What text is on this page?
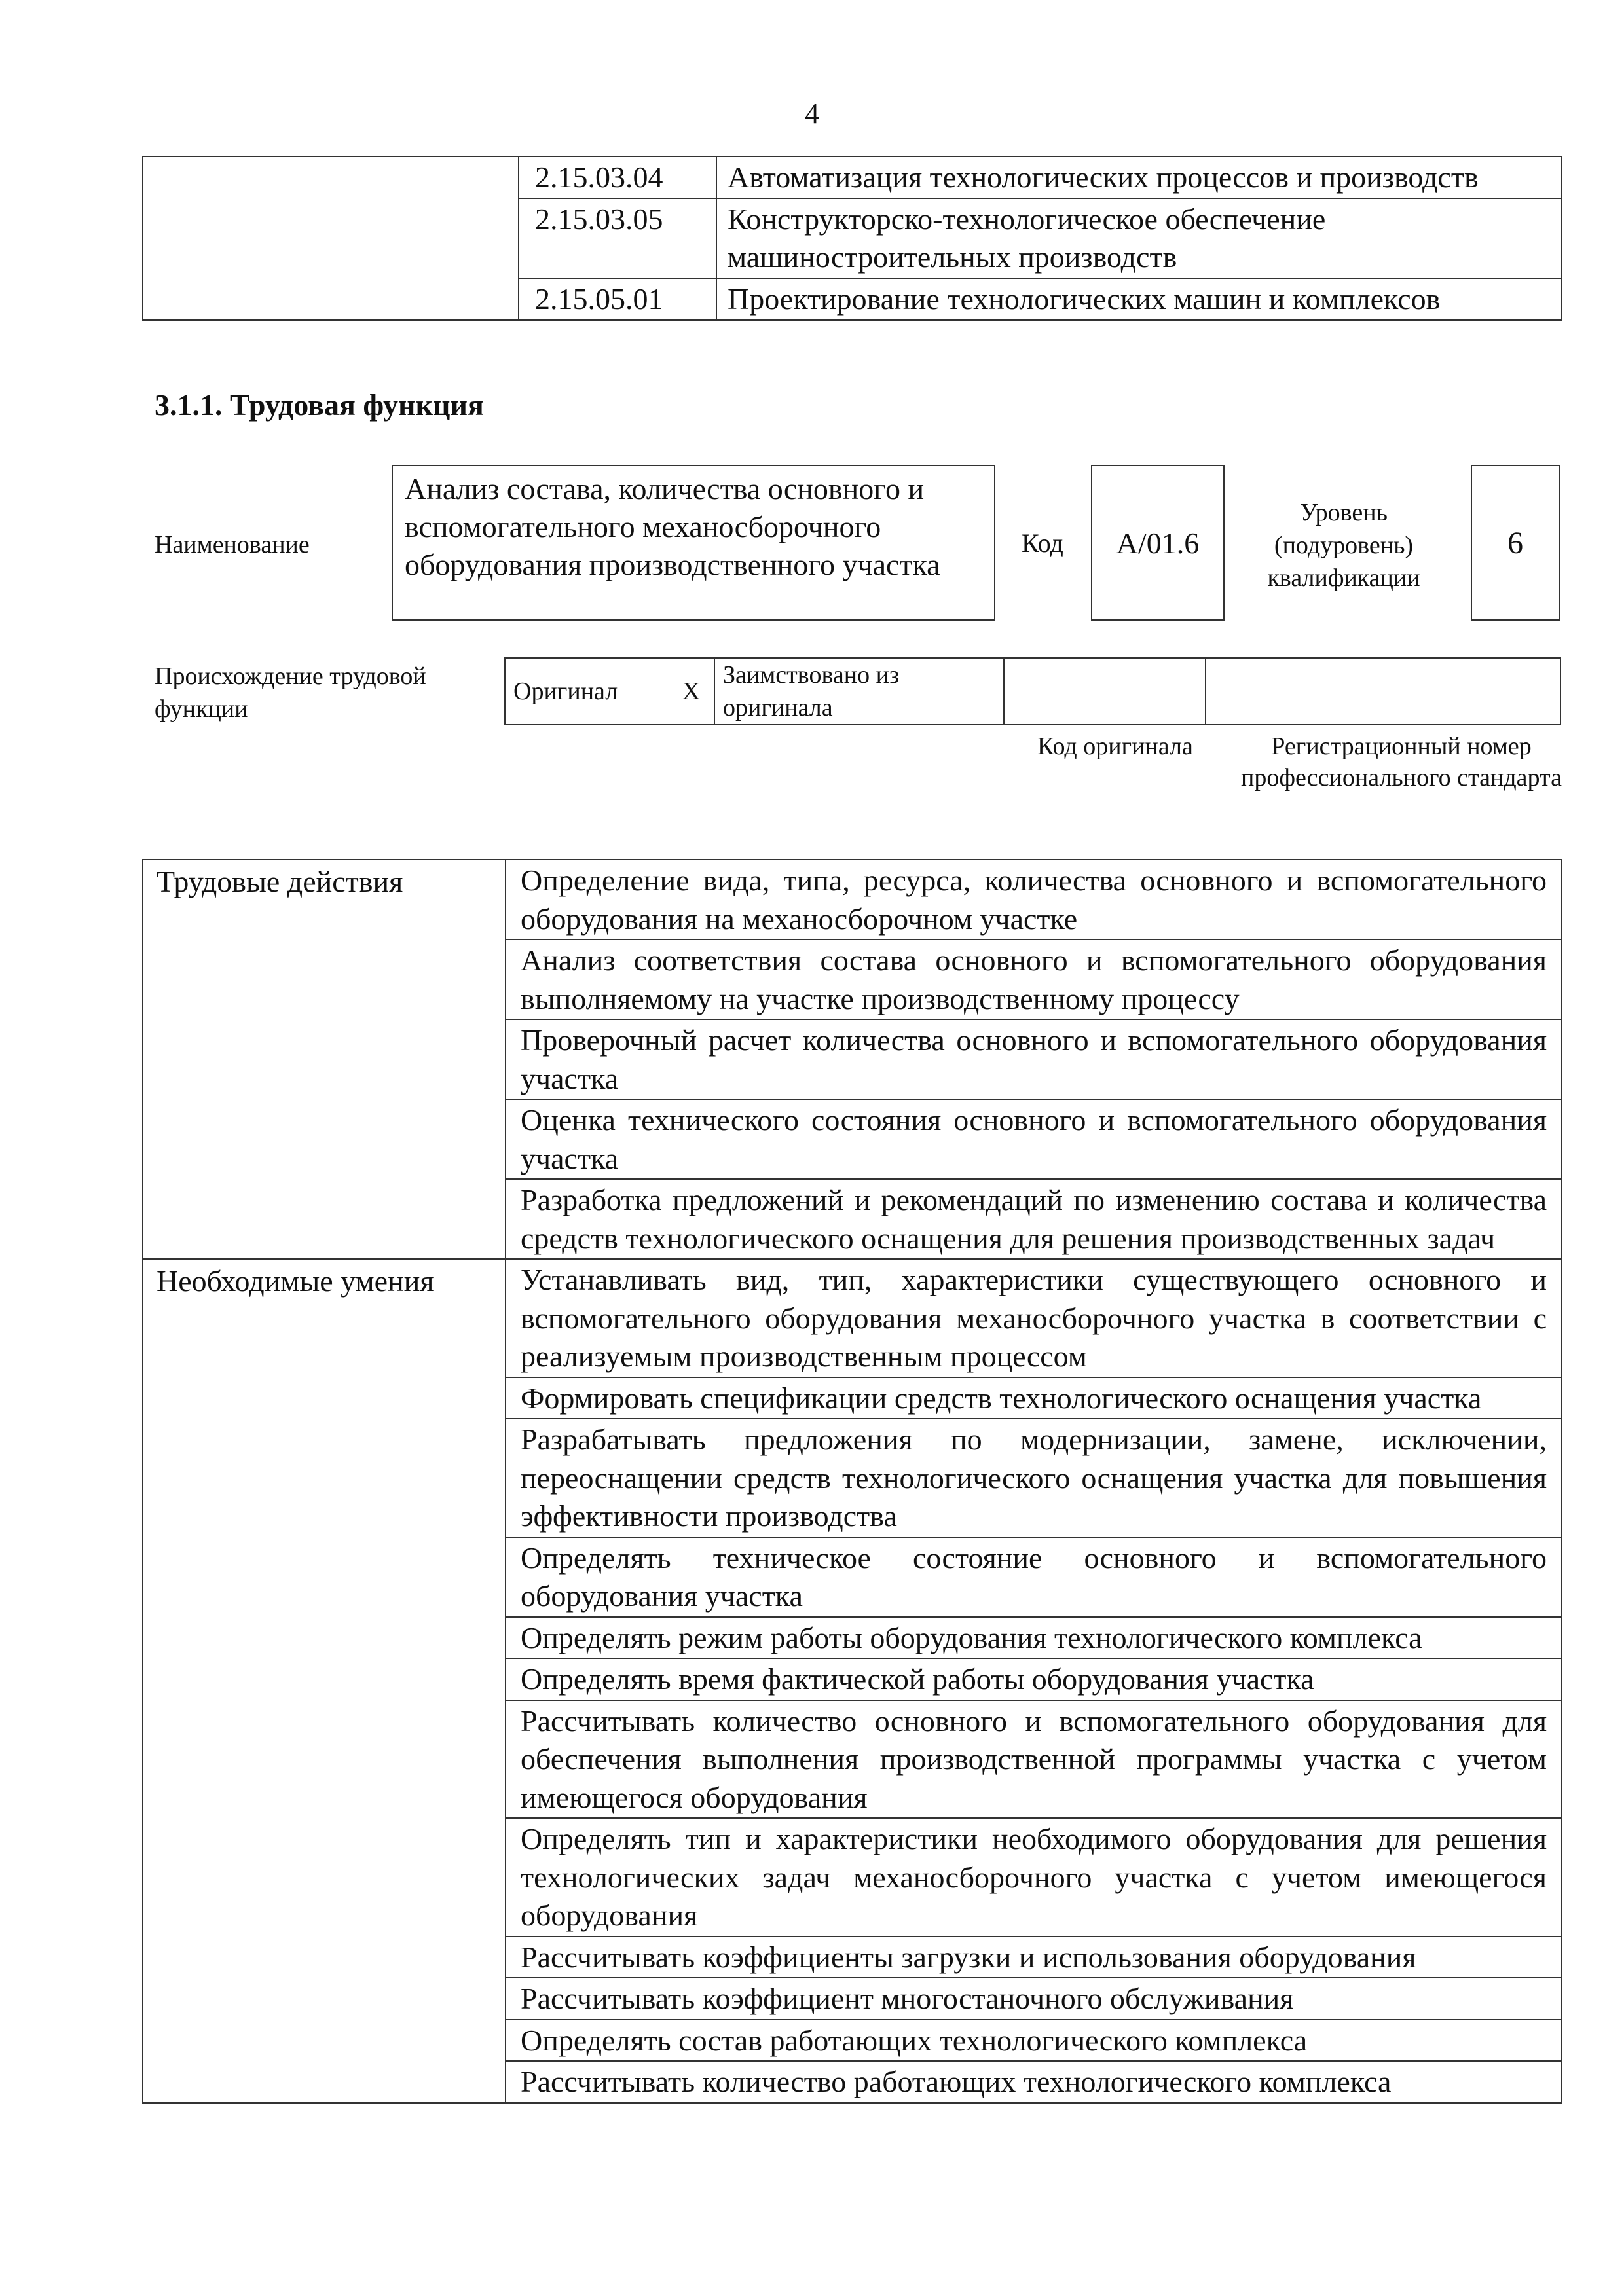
4
	2.15.03.04	Автоматизация технологических процессов и производств
	2.15.03.05	Конструкторско-технологическое обеспечение машиностроительных производств
	2.15.05.01	Проектирование технологических машин и комплексов
3.1.1. Трудовая функция
Наименование
Анализ состава, количества основного и вспомогательного механосборочного оборудования производственного участка
Код	А/01.6
Уровень (подуровень) квалификации
6
Происхождение трудовой функции
Оригинал	Х	Заимствовано из оригинала		
Код оригинала	Регистрационный номер профессионального стандарта
Трудовые действия	Определение вида, типа, ресурса, количества основного и вспомогательного оборудования на механосборочном участке
	Анализ соответствия состава основного и вспомогательного оборудования выполняемому на участке производственному процессу
	Проверочный расчет количества основного и вспомогательного оборудования участка
	Оценка технического состояния основного и вспомогательного оборудования участка
	Разработка предложений и рекомендаций по изменению состава и количества средств технологического оснащения для решения производственных задач
Необходимые умения	Устанавливать вид, тип, характеристики существующего основного и вспомогательного оборудования механосборочного участка в соответствии с реализуемым производственным процессом
	Формировать спецификации средств технологического оснащения участка
	Разрабатывать предложения по модернизации, замене, исключении, переоснащении средств технологического оснащения участка для повышения эффективности производства
	Определять техническое состояние основного и вспомогательного оборудования участка
	Определять режим работы оборудования технологического комплекса
	Определять время фактической работы оборудования участка
	Рассчитывать количество основного и вспомогательного оборудования для обеспечения выполнения производственной программы участка с учетом имеющегося оборудования
	Определять тип и характеристики необходимого оборудования для решения технологических задач механосборочного участка с учетом имеющегося оборудования
	Рассчитывать коэффициенты загрузки и использования оборудования
	Рассчитывать коэффициент многостаночного обслуживания
	Определять состав работающих технологического комплекса
	Рассчитывать количество работающих технологического комплекса
